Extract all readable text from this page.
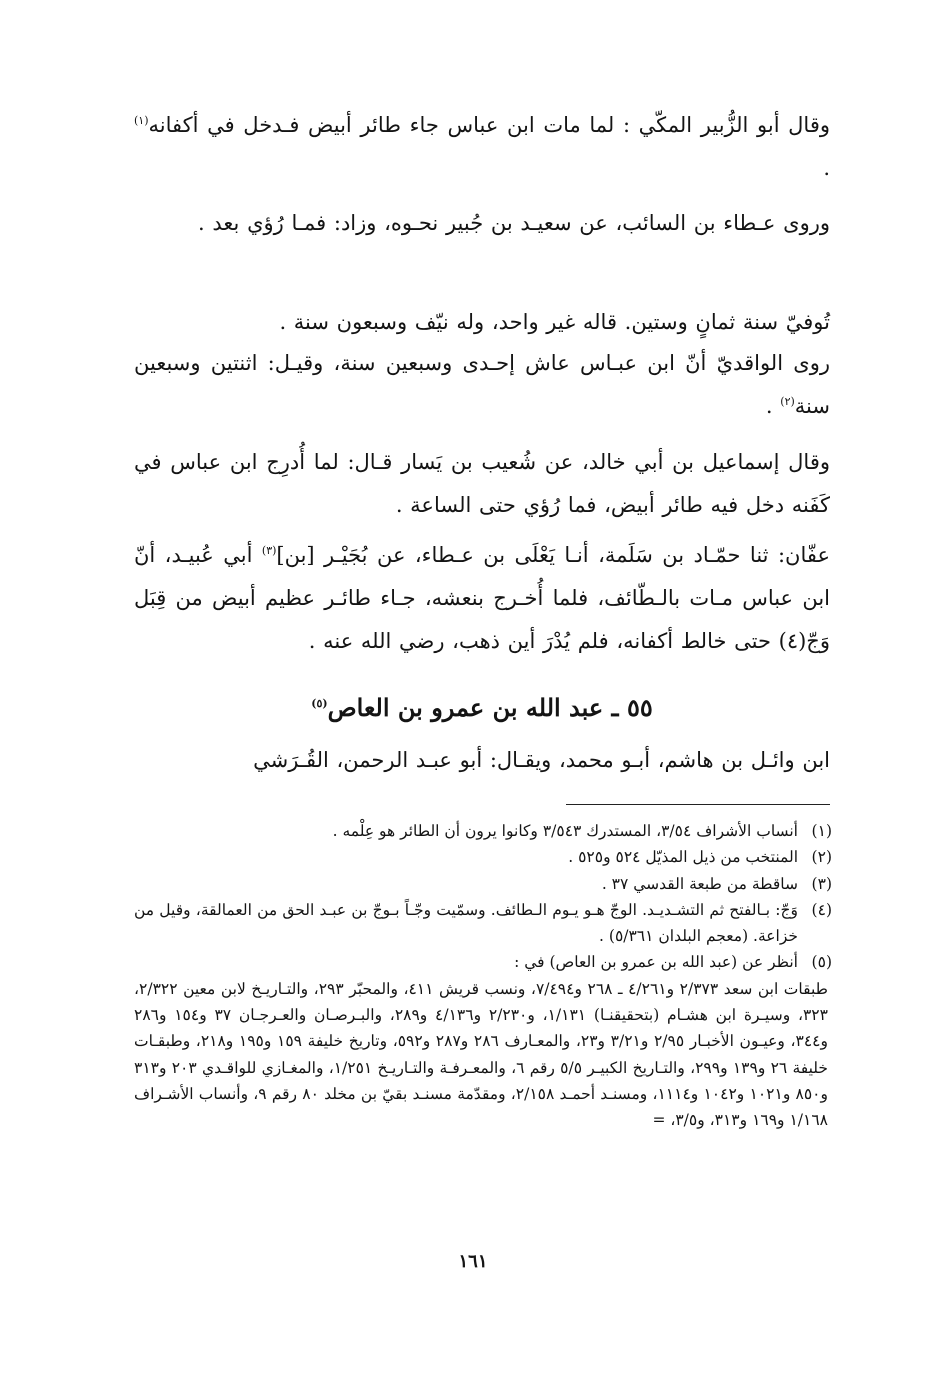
وقال أبو الزُّبير المكّي : لما مات ابن عباس جاء طائر أبيض فـدخل في أكفانه$^{(١)}$ .
وروى عـطاء بن السائب، عن سعيـد بن جُبير نحـوه، وزاد: فمـا رُؤي بعد .
تُوفيّ سنة ثمانٍ وستين. قاله غير واحد، وله نيّف وسبعون سنة .
روى الواقديّ أنّ ابن عبـاس عاش إحـدى وسبعين سنة، وقيـل: اثنتين وسبعين سنة$^{(٢)}$ .
وقال إسماعيل بن أبي خالد، عن شُعيب بن يَسار قـال: لما أُدرِج ابن عباس في كَفَنه دخل فيه طائر أبيض، فما رُؤي حتى الساعة .
عفّان: ثنا حمّـاد بن سَلَمة، أنـا يَعْلَى بن عـطاء، عن بُجَيْـر [بن]$^{(٣)}$ أبي عُبيـد، أنّ ابن عباس مـات بالـطّائف، فلما أُخـرج بنعشه، جـاء طائـر عظيم أبيض من قِبَل وَجّ(٤) حتى خالط أكفانه، فلم يُدْرَ أين ذهب، رضي الله عنه .
٥٥ ـ عبد الله بن عمرو بن العاص$^{(٥)}$
ابن وائـل بن هاشم، أبـو محمد، ويقـال: أبو عبـد الرحمن، القُـرَشي
(١)
أنساب الأشراف ٣/٥٤، المستدرك ٣/٥٤٣ وكانوا يرون أن الطائر هو عِلْمه .
(٢)
المنتخب من ذيل المذيّل ٥٢٤ و٥٢٥ .
(٣)
ساقطة من طبعة القدسي ٣٧ .
(٤)
وَجّ: بـالفتح ثم التشـديـد. الوجّ هـو يـوم الـطائف. وسمّيت وجّـاً بـوجّ بن عبـد الحق من العمالقة، وقيل من خزاعة. (معجم البلدان ٥/٣٦١) .
(٥)
أنظر عن (عبد الله بن عمرو بن العاص) في :
طبقات ابن سعد ٢/٣٧٣ و٤/٢٦١ ـ ٢٦٨ و٧/٤٩٤، ونسب قريش ٤١١، والمحبّر ٢٩٣، والتـاريـخ لابن معين ٢/٣٢٢، ٣٢٣، وسيـرة ابن هشـام (بتحقيقنـا) ١/١٣١، و٢/٢٣٠ و٤/١٣٦ و٢٨٩، والبـرصـان والعـرجـان ٣٧ و١٥٤ و٢٨٦ و٣٤٤، وعيـون الأخبـار ٢/٩٥ و٣/٢١ و٢٣، والمعـارف ٢٨٦ و٢٨٧ و٥٩٢، وتاريخ خليفة ١٥٩ و١٩٥ و٢١٨، وطبقـات خليفة ٢٦ و١٣٩ و٢٩٩، والتـاريخ الكبيـر ٥/٥ رقم ٦، والمعـرفـة والتـاريـخ ١/٢٥١، والمغـازي للواقـدي ٢٠٣ و٣١٣ و٨٥٠ و١٠٢١ و١٠٤٢ و١١١٤، ومسنـد أحمـد ٢/١٥٨، ومقدّمة مسنـد بقيّ بن مخلد ٨٠ رقم ٩، وأنساب الأشـراف ١/١٦٨ و١٦٩ و٣١٣، و٣/٥، =
١٦١
